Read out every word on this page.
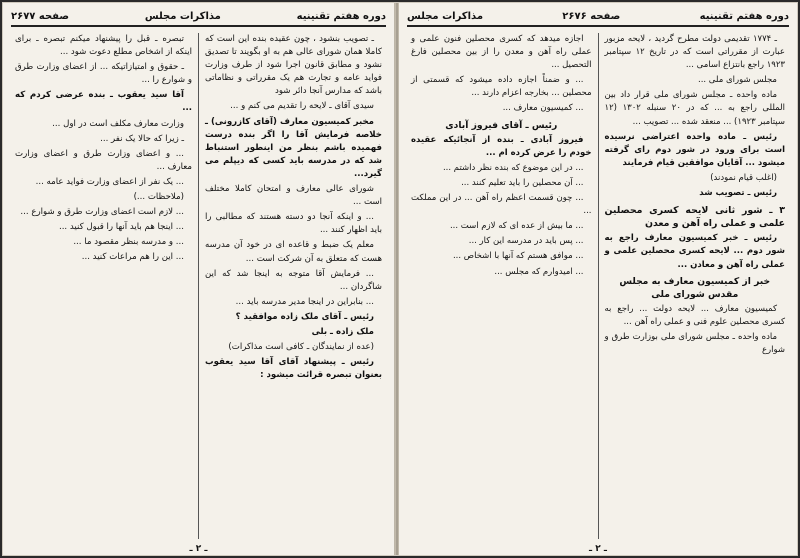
دوره هفتم تقنینیه
مذاکرات مجلس
صفحه ۲۶۷۷

ـ تصویب بنشود ، چون عقیده بنده این است که کاملا همان شورای عالی هم به او بگویند تا تصدیق نشود و مطابق قانون اجرا شود از طرف وزارت فواید عامه و تجارت هم یک مقرراتی و نظاماتی باشد که مدارس آنجا دائر شود

سیدی آقای ـ لایحه را تقدیم می کنم و ...

مخبر کمیسیون معارف (آقای کازرونی) ـ خلاصه فرمایش آقا را اگر بنده درست فهمیده باشم بنظر من اینطور استنباط شد که در مدرسه باید کسی که دیپلم می گیرد...

شورای عالی معارف و امتحان کاملا مختلف است ...

... و اینکه آنجا دو دسته هستند که مطالبی را باید اظهار کنند ...

معلم یک ضبط و قاعده ای در خود آن مدرسه هست که متعلق به آن شرکت است ...

... فرمایش آقا متوجه به اینجا شد که این شاگردان ...

... بنابراین در اینجا مدیر مدرسه باید ...

رئیس ـ آقای ملک زاده موافقید ؟

ملک زاده ـ بلی

(عده از نمایندگان ـ کافی است مذاکرات)

رئیس ـ پیشنهاد آقای آقا سید یعقوب بعنوان تبصره قرائت میشود :

تبصره ـ قبل را پیشنهاد میکنم تبصره ـ برای اینکه از اشخاص مطلع دعوت شود ...

ـ حقوق و امتیازاتیکه ... از اعضای وزارت طرق و شوارع را ...

آقا سید یعقوب ـ بنده عرضی کردم که ...

وزارت معارف مکلف است در اول ...

ـ زیرا که حالا یک نفر ...

... و اعضای وزارت طرق و اعضای وزارت معارف ...

... یک نفر از اعضای وزارت فواید عامه ...

(ملاحظات ...)

... لازم است اعضای وزارت طرق و شوارع ...

... اینجا هم باید آنها را قبول کنید ...

... و مدرسه بنظر مقصود ما ...

... این را هم مراعات کنید ...

ـ ۲ ـ
دوره هفتم تقنینیه
صفحه ۲۶۷۶
مذاکرات مجلس

ـ ۱۷۷۴ تقدیمی دولت مطرح گردید ، لایحه مزبور عبارت از مقرراتی است که در تاریخ ۱۲ سپتامبر ۱۹۲۳ راجع بانتزاع اسامی ...

مجلس شورای ملی ...

ماده واحده ـ مجلس شورای ملی قرار داد بین المللی راجع به ... که در ۲۰ سنبله ۱۳۰۲ (۱۲ سپتامبر ۱۹۲۳) ... منعقد شده ... تصویب ...

رئیس ـ ماده واحده اعتراضی نرسیده است برای ورود در شور دوم رای گرفته میشود ... آقایان موافقین قیام فرمایند

(اغلب قیام نمودند)

رئیس ـ تصویب شد

۳ ـ شور ثانی لایحه کسری محصلین علمی و عملی راه آهن و معدن

رئیس ـ خبر کمیسیون معارف راجع به شور دوم ... لایحه کسری محصلین علمی و عملی راه آهن و معادن ...

خبر از کمیسیون معارف به مجلس مقدس شورای ملی

کمیسیون معارف ... لایحه دولت ... راجع به کسری محصلین علوم فنی و عملی راه آهن ...

ماده واحده ـ مجلس شورای ملی بوزارت طرق و شوارع

اجازه میدهد که کسری محصلین فنون علمی و عملی راه آهن و معدن را از بین محصلین فارغ التحصیل ...

... و ضمناً اجازه داده میشود که قسمتی از محصلین ... بخارجه اعزام دارند ...

... کمیسیون معارف ...

رئیس ـ آقای فیروز آبادی

فیروز آبادی ـ بنده از آنجائیکه عقیده خودم را عرض کرده ام ...

... در این موضوع که بنده نظر داشتم ...

... آن محصلین را باید تعلیم کنند ...

... چون قسمت اعظم راه آهن ... در این مملکت ...

... ما بیش از عده ای که لازم است ...

... پس باید در مدرسه این کار ...

... موافق هستم که آنها با اشخاص ...

... امیدوارم که مجلس ...

ـ ۲ ـ
